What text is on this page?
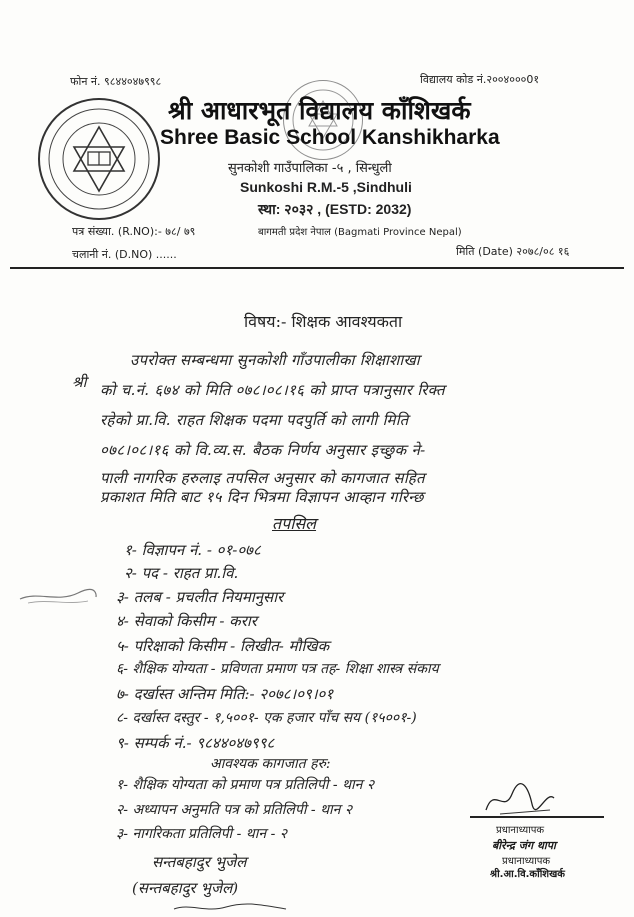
फोन नं. ९८४४०४७९९८	विद्यालय कोड नं.२००४०००0१
श्री आधारभूत विद्यालय काँशिखर्क
Shree Basic School Kanshikharka
सुनकोशी गाउँपालिका -५ , सिन्धुली
Sunkoshi R.M.-5 ,Sindhuli
स्था: २०३२ , (ESTD: 2032)
पत्र संख्या. (R.NO):- ७८/ ७९
चलानी नं. (D.NO) ......
बागमती प्रदेश नेपाल (Bagmati Province Nepal)
मिति (Date) २०७८/०८ १६
विषय:- शिक्षक आवश्यकता
श्री
उपरोक्त सम्बन्धमा सुनकोशी गाँउपालीका शिक्षाशाखा
को च.नं. ६७४ को मिति ०७८।०८।१६ को प्राप्त पत्रानुसार रिक्त
रहेको प्रा.वि. राहत शिक्षक पदमा पदपुर्ति को लागी मिति
०७८।०८।१६ को वि.व्य.स. बैठक निर्णय अनुसार इच्छुक ने-
पाली नागरिक हरुलाइ तपसिल अनुसार को कागजात सहित
प्रकाशत मिति बाट १५ दिन भित्रमा विज्ञापन आव्हान गरिन्छ
तपसिल
१- विज्ञापन नं. - ०१-०७८
२- पद - राहत प्रा.वि.
३- तलब - प्रचलीत नियमानुसार
४- सेवाको किसीम - करार
५- परिक्षाको किसीम - लिखीत- मौखिक
६- शैक्षिक योग्यता - प्रविणता प्रमाण पत्र तह- शिक्षा शास्त्र संकाय
७- दर्खास्त अन्तिम मिति:- २०७८।०९।०१
८- दर्खास्त दस्तुर - १,५००१- एक हजार पाँच सय (१५००१-)
९- सम्पर्क नं.- ९८४४०४७९९८
आवश्यक कागजात हरु:
१- शैक्षिक योग्यता को प्रमाण पत्र प्रतिलिपी - थान २
२- अध्यापन अनुमति पत्र को प्रतिलिपी - थान २
३- नागरिकता प्रतिलिपी - थान - २	प्रधानाध्यापक
बीरेन्द्र जंग थापा
प्रधानाध्यापक
श्री.आ.वि.काँशिखर्क
सन्तबहादुर भुजेल
(सन्तबहादुर भुजेल)
